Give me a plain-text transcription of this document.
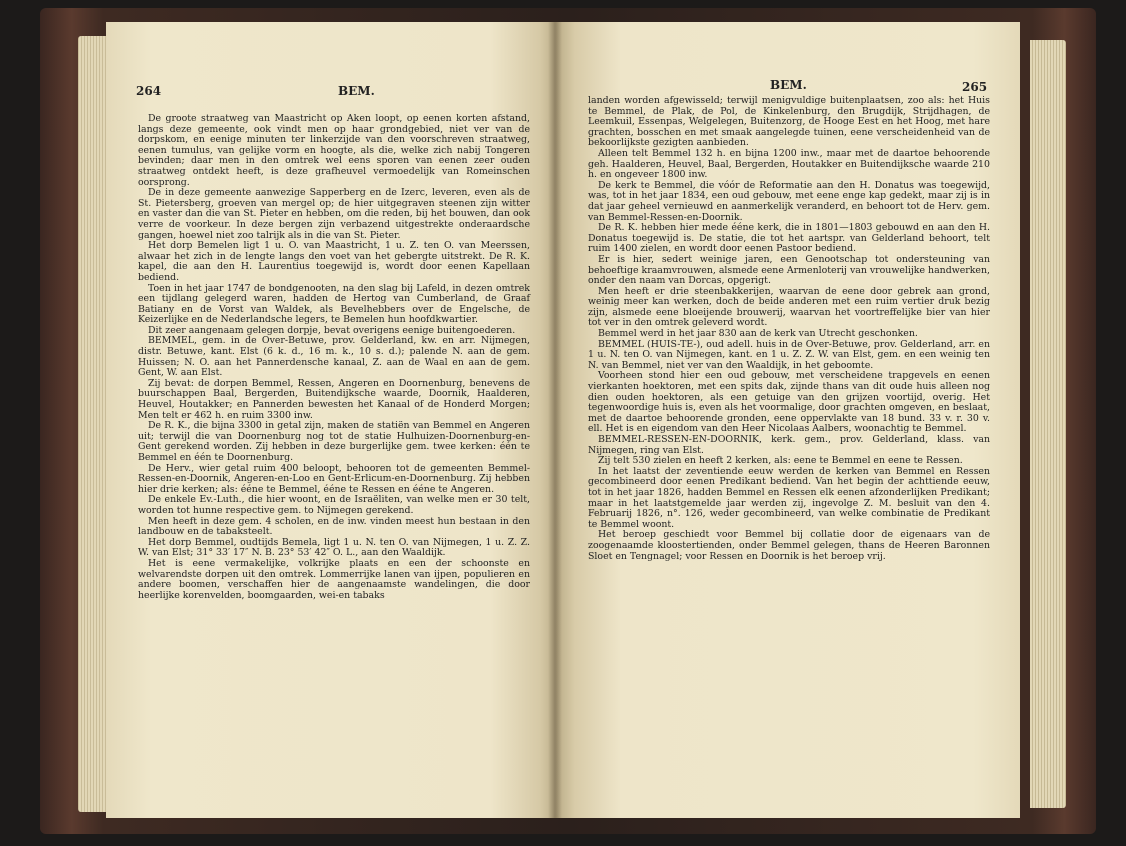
264	BEM.

De groote straatweg van Maastricht op Aken loopt, op eenen korten afstand, langs deze gemeente, ook vindt men op haar grondgebied, niet ver van de dorpskom, en eenige minuten ter linkerzijde van den voorschreven straatweg, eenen tumulus, van gelijke vorm en hoogte, als die, welke zich nabij Tongeren bevinden; daar men in den omtrek wel eens sporen van eenen zeer ouden straatweg ontdekt heeft, is deze grafheuvel vermoedelijk van Romeinschen oorsprong.

De in deze gemeente aanwezige Sapperberg en de Izerc, leveren, even als de St. Pietersberg, groeven van mergel op; de hier uitgegraven steenen zijn witter en vaster dan die van St. Pieter en hebben, om die reden, bij het bouwen, dan ook verre de voorkeur. In deze bergen zijn verbazend uitgestrekte onderaardsche gangen, hoewel niet zoo talrijk als in die van St. Pieter.

Het dorp Bemelen ligt 1 u. O. van Maastricht, 1 u. Z. ten O. van Meerssen, alwaar het zich in de lengte langs den voet van het gebergte uitstrekt. De R. K. kapel, die aan den H. Laurentius toegewijd is, wordt door eenen Kapellaan bediend.

Toen in het jaar 1747 de bondgenooten, na den slag bij Lafeld, in dezen omtrek een tijdlang gelegerd waren, hadden de Hertog van Cumberland, de Graaf Batiany en de Vorst van Waldek, als Bevelhebbers over de Engelsche, de Keizerlijke en de Nederlandsche legers, te Bemelen hun hoofdkwartier.

Dit zeer aangenaam gelegen dorpje, bevat overigens eenige buitengoederen.

BEMMEL, gem. in de Over-Betuwe, prov. Gelderland, kw. en arr. Nijmegen, distr. Betuwe, kant. Elst (6 k. d., 16 m. k., 10 s. d.); palende N. aan de gem. Huissen; N. O. aan het Pannerdensche kanaal, Z. aan de Waal en aan de gem. Gent, W. aan Elst.

Zij bevat: de dorpen Bemmel, Ressen, Angeren en Doornenburg, benevens de buurschappen Baal, Bergerden, Buitendijksche waarde, Doornik, Haalderen, Heuvel, Houtakker; en Pannerden bewesten het Kanaal of de Honderd Morgen; Men telt er 462 h. en ruim 3300 inw.

De R. K., die bijna 3300 in getal zijn, maken de statiën van Bemmel en Angeren uit; terwijl die van Doornenburg nog tot de statie Hulhuizen-Doornenburg-en-Gent gerekend worden. Zij hebben in deze burgerlijke gem. twee kerken: één te Bemmel en één te Doornenburg.

De Herv., wier getal ruim 400 beloopt, behooren tot de gemeenten Bemmel-Ressen-en-Doornik, Angeren-en-Loo en Gent-Erlicum-en-Doornenburg. Zij hebben hier drie kerken; als: ééne te Bemmel, ééne te Ressen en ééne te Angeren.

De enkele Ev.-Luth., die hier woont, en de Israëliten, van welke men er 30 telt, worden tot hunne respective gem. to Nijmegen gerekend.

Men heeft in deze gem. 4 scholen, en de inw. vinden meest hun bestaan in den landbouw en de tabaksteelt.

Het dorp Bemmel, oudtijds Bemela, ligt 1 u. N. ten O. van Nijmegen, 1 u. Z. Z. W. van Elst; 31° 33′ 17″ N. B. 23° 53′ 42″ O. L., aan den Waaldijk.

Het is eene vermakelijke, volkrijke plaats en een der schoonste en welvarendste dorpen uit den omtrek. Lommerrijke lanen van ijpen, populieren en andere boomen, verschaffen hier de aangenaamste wandelingen, die door heerlijke korenvelden, boomgaarden, wei-en tabaks

BEM.	265

landen worden afgewisseld; terwijl menigvuldige buitenplaatsen, zoo als: het Huis te Bemmel, de Plak, de Pol, de Kinkelenburg, den Brugdijk, Strijdhagen, de Leemkuil, Essenpas, Welgelegen, Buitenzorg, de Hooge Eest en het Hoog, met hare grachten, bosschen en met smaak aangelegde tuinen, eene verscheidenheid van de bekoorlijkste gezigten aanbieden.

Alleen telt Bemmel 132 h. en bijna 1200 inw., maar met de daartoe behoorende geh. Haalderen, Heuvel, Baal, Bergerden, Houtakker en Buitendijksche waarde 210 h. en ongeveer 1800 inw.

De kerk te Bemmel, die vóór de Reformatie aan den H. Donatus was toegewijd, was, tot in het jaar 1834, een oud gebouw, met eene enge kap gedekt, maar zij is in dat jaar geheel vernieuwd en aanmerkelijk veranderd, en behoort tot de Herv. gem. van Bemmel-Ressen-en-Doornik.

De R. K. hebben hier mede ééne kerk, die in 1801—1803 gebouwd en aan den H. Donatus toegewijd is. De statie, die tot het aartspr. van Gelderland behoort, telt ruim 1400 zielen, en wordt door eenen Pastoor bediend.

Er is hier, sedert weinige jaren, een Genootschap tot ondersteuning van behoeftige kraamvrouwen, alsmede eene Armenloterij van vrouwelijke handwerken, onder den naam van Dorcas, opgerigt.

Men heeft er drie steenbakkerijen, waarvan de eene door gebrek aan grond, weinig meer kan werken, doch de beide anderen met een ruim vertier druk bezig zijn, alsmede eene bloeijende brouwerij, waarvan het voortreffelijke bier van hier tot ver in den omtrek geleverd wordt.

Bemmel werd in het jaar 830 aan de kerk van Utrecht geschonken.

BEMMEL (HUIS-TE-), oud adell. huis in de Over-Betuwe, prov. Gelderland, arr. en 1 u. N. ten O. van Nijmegen, kant. en 1 u. Z. Z. W. van Elst, gem. en een weinig ten N. van Bemmel, niet ver van den Waaldijk, in het geboomte.

Voorheen stond hier een oud gebouw, met verscheidene trapgevels en eenen vierkanten hoektoren, met een spits dak, zijnde thans van dit oude huis alleen nog dien ouden hoektoren, als een getuige van den grijzen voortijd, overig. Het tegenwoordige huis is, even als het voormalige, door grachten omgeven, en beslaat, met de daartoe behoorende gronden, eene oppervlakte van 18 bund. 33 v. r. 30 v. ell. Het is en eigendom van den Heer Nicolaas Aalbers, woonachtig te Bemmel.

BEMMEL-RESSEN-EN-DOORNIK, kerk. gem., prov. Gelderland, klass. van Nijmegen, ring van Elst.

Zij telt 530 zielen en heeft 2 kerken, als: eene te Bemmel en eene te Ressen.

In het laatst der zeventiende eeuw werden de kerken van Bemmel en Ressen gecombineerd door eenen Predikant bediend. Van het begin der achttiende eeuw, tot in het jaar 1826, hadden Bemmel en Ressen elk eenen afzonderlijken Predikant; maar in het laatstgemelde jaar werden zij, ingevolge Z. M. besluit van den 4. Februarij 1826, n°. 126, weder gecombineerd, van welke combinatie de Predikant te Bemmel woont.

Het beroep geschiedt voor Bemmel bij collatie door de eigenaars van de zoogenaamde kloostertienden, onder Bemmel gelegen, thans de Heeren Baronnen Sloet en Tengnagel; voor Ressen en Doornik is het beroep vrij.
